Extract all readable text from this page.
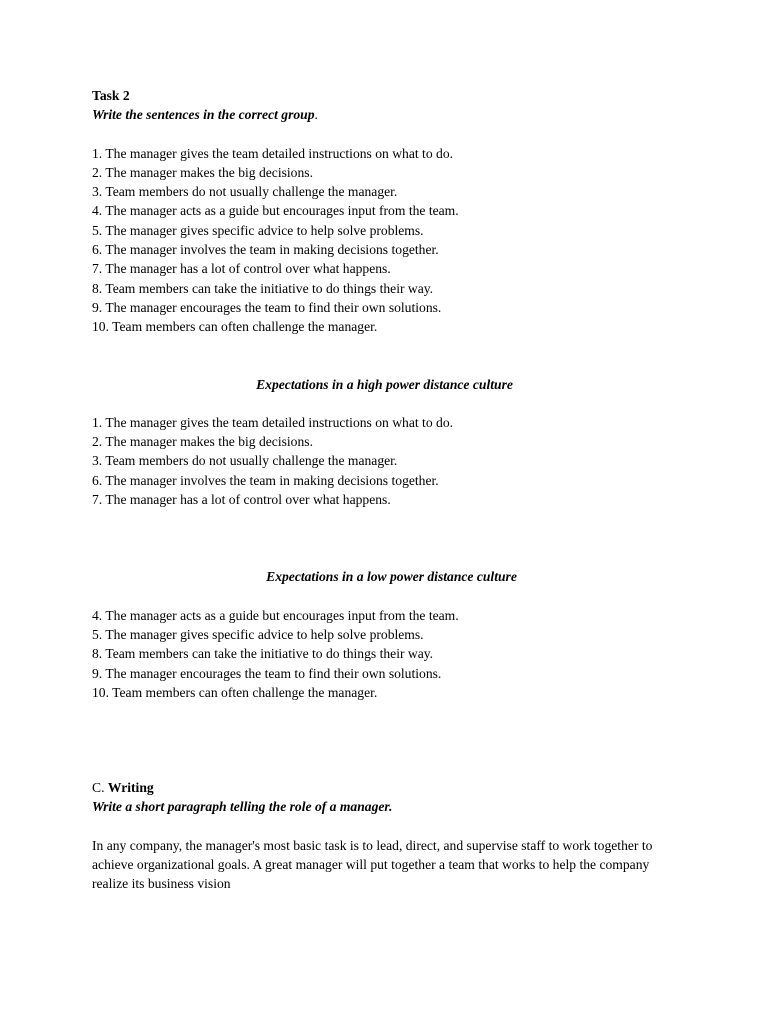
Task 2

Write the sentences in the correct group.

1. The manager gives the team detailed instructions on what to do.

2. The manager makes the big decisions.

3. Team members do not usually challenge the manager.

4. The manager acts as a guide but encourages input from the team.

5. The manager gives specific advice to help solve problems.

6. The manager involves the team in making decisions together.

7. The manager has a lot of control over what happens.

8. Team members can take the initiative to do things their way.

9. The manager encourages the team to find their own solutions.

10. Team members can often challenge the manager.

Expectations in a high power distance culture

1. The manager gives the team detailed instructions on what to do.

2. The manager makes the big decisions.

3. Team members do not usually challenge the manager.

6. The manager involves the team in making decisions together.

7. The manager has a lot of control over what happens.

Expectations in a low power distance culture

4. The manager acts as a guide but encourages input from the team.

5. The manager gives specific advice to help solve problems.

8. Team members can take the initiative to do things their way.

9. The manager encourages the team to find their own solutions.

10. Team members can often challenge the manager.

C. Writing

Write a short paragraph telling the role of a manager.

In any company, the manager's most basic task is to lead, direct, and supervise staff to work together to achieve organizational goals. A great manager will put together a team that works to help the company realize its business vision
